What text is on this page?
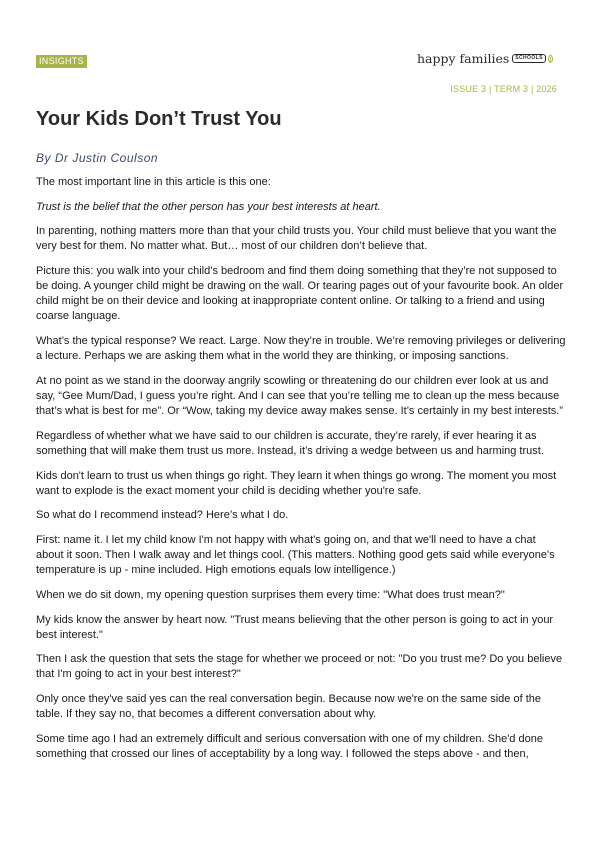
INSIGHTS	happy families	SCHOOLS
ISSUE 3 | TERM 3 | 2026
Your Kids Don’t Trust You
By Dr Justin Coulson

The most important line in this article is this one:

Trust is the belief that the other person has your best interests at heart.

In parenting, nothing matters more than that your child trusts you. Your child must believe that you want the very best for them. No matter what. But… most of our children don’t believe that.

Picture this: you walk into your child’s bedroom and find them doing something that they’re not supposed to be doing. A younger child might be drawing on the wall. Or tearing pages out of your favourite book. An older child might be on their device and looking at inappropriate content online. Or talking to a friend and using coarse language.

What’s the typical response? We react. Large. Now they’re in trouble. We’re removing privileges or delivering a lecture. Perhaps we are asking them what in the world they are thinking, or imposing sanctions.

At no point as we stand in the doorway angrily scowling or threatening do our children ever look at us and say, “Gee Mum/Dad, I guess you’re right. And I can see that you’re telling me to clean up the mess because that’s what is best for me”. Or “Wow, taking my device away makes sense. It’s certainly in my best interests.”

Regardless of whether what we have said to our children is accurate, they’re rarely, if ever hearing it as something that will make them trust us more. Instead, it’s driving a wedge between us and harming trust.

Kids don't learn to trust us when things go right. They learn it when things go wrong. The moment you most want to explode is the exact moment your child is deciding whether you're safe.

So what do I recommend instead? Here’s what I do.

First: name it. I let my child know I'm not happy with what's going on, and that we'll need to have a chat about it soon. Then I walk away and let things cool. (This matters. Nothing good gets said while everyone's temperature is up - mine included. High emotions equals low intelligence.)

When we do sit down, my opening question surprises them every time: "What does trust mean?"

My kids know the answer by heart now. "Trust means believing that the other person is going to act in your best interest."

Then I ask the question that sets the stage for whether we proceed or not: "Do you trust me? Do you believe that I'm going to act in your best interest?"

Only once they've said yes can the real conversation begin. Because now we're on the same side of the table. If they say no, that becomes a different conversation about why.

Some time ago I had an extremely difficult and serious conversation with one of my children. She'd done something that crossed our lines of acceptability by a long way. I followed the steps above - and then,
